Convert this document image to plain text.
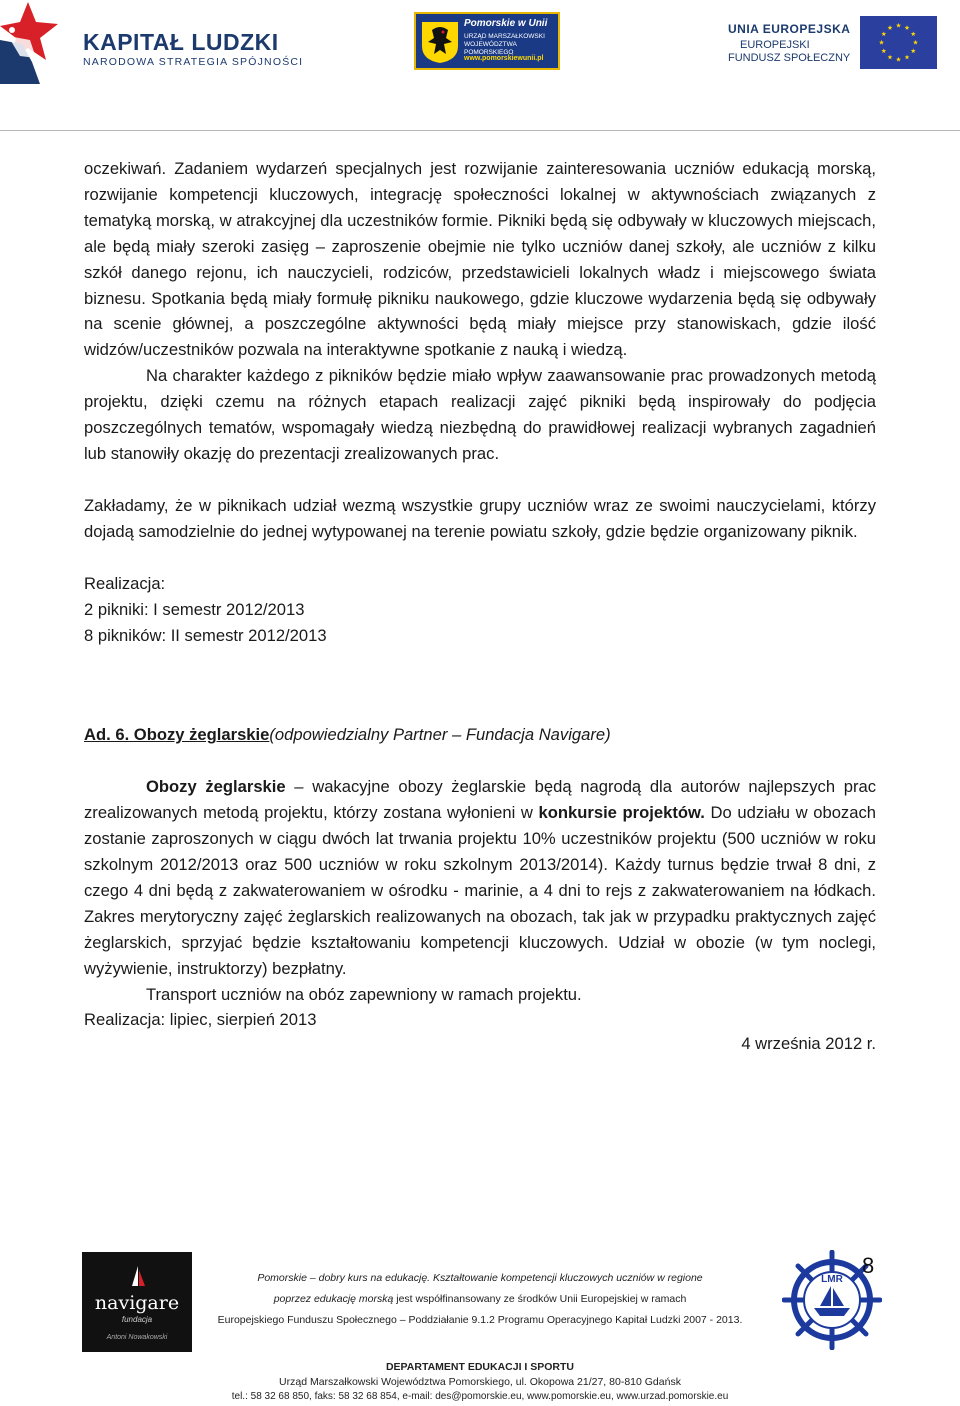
KAPITAŁ LUDZKI
NARODOWA STRATEGIA SPÓJNOŚCI
Pomorskie w Unii
URZĄD MARSZAŁKOWSKI WOJEWÓDZTWA POMORSKIEGO
www.pomorskiewunii.pl
UNIA EUROPEJSKA
EUROPEJSKI
FUNDUSZ SPOŁECZNY

oczekiwań. Zadaniem wydarzeń specjalnych jest rozwijanie zainteresowania uczniów edukacją morską, rozwijanie kompetencji kluczowych, integrację społeczności lokalnej w aktywnościach związanych z tematyką morską, w atrakcyjnej dla uczestników formie. Pikniki będą się odbywały w kluczowych miejscach, ale będą miały szeroki zasięg – zaproszenie obejmie nie tylko uczniów danej szkoły, ale uczniów z kilku szkół danego rejonu, ich nauczycieli, rodziców, przedstawicieli lokalnych władz i miejscowego świata biznesu. Spotkania będą miały formułę pikniku naukowego, gdzie kluczowe wydarzenia będą się odbywały na scenie głównej, a poszczególne aktywności będą miały miejsce przy stanowiskach, gdzie ilość widzów/uczestników pozwala na interaktywne spotkanie z nauką i wiedzą.

Na charakter każdego z pikników będzie miało wpływ zaawansowanie prac prowadzonych metodą projektu, dzięki czemu na różnych etapach realizacji zajęć pikniki będą inspirowały do podjęcia poszczególnych tematów, wspomagały wiedzą niezbędną do prawidłowej realizacji wybranych zagadnień lub stanowiły okazję do prezentacji zrealizowanych prac.

Zakładamy, że w piknikach udział wezmą wszystkie grupy uczniów wraz ze swoimi nauczycielami, którzy dojadą samodzielnie do jednej wytypowanej na terenie powiatu szkoły, gdzie będzie organizowany piknik.

Realizacja:

2 pikniki: I semestr 2012/2013

8 pikników: II semestr 2012/2013

Ad. 6. Obozy żeglarskie(odpowiedzialny Partner – Fundacja Navigare)

Obozy żeglarskie – wakacyjne obozy żeglarskie będą nagrodą dla autorów najlepszych prac zrealizowanych metodą projektu, którzy zostana wyłonieni w konkursie projektów. Do udziału w obozach zostanie zaproszonych w ciągu dwóch lat trwania projektu 10% uczestników projektu (500 uczniów w roku szkolnym 2012/2013 oraz 500 uczniów w roku szkolnym 2013/2014). Każdy turnus będzie trwał 8 dni, z czego 4 dni będą z zakwaterowaniem w ośrodku - marinie, a 4 dni to rejs z zakwaterowaniem na łódkach. Zakres merytoryczny zajęć żeglarskich realizowanych na obozach, tak jak w przypadku praktycznych zajęć żeglarskich, sprzyjać będzie kształtowaniu kompetencji kluczowych. Udział w obozie (w tym noclegi, wyżywienie, instruktorzy) bezpłatny.

Transport uczniów na obóz zapewniony w ramach projektu.

Realizacja: lipiec, sierpień 2013

4 września 2012 r.

navigare
fundacja
Antoni Nowakowski
Pomorskie – dobry kurs na edukację. Kształtowanie kompetencji kluczowych uczniów w regione
poprzez edukację morską jest współfinansowany ze środków Unii Europejskiej w ramach
Europejskiego Funduszu Społecznego – Poddziałanie 9.1.2 Programu Operacyjnego Kapitał Ludzki 2007 - 2013.
LMR
8
DEPARTAMENT EDUKACJI I SPORTU
Urząd Marszałkowski Województwa Pomorskiego, ul. Okopowa 21/27, 80-810 Gdańsk
tel.: 58 32 68 850, faks: 58 32 68 854, e-mail: des@pomorskie.eu, www.pomorskie.eu, www.urzad.pomorskie.eu
